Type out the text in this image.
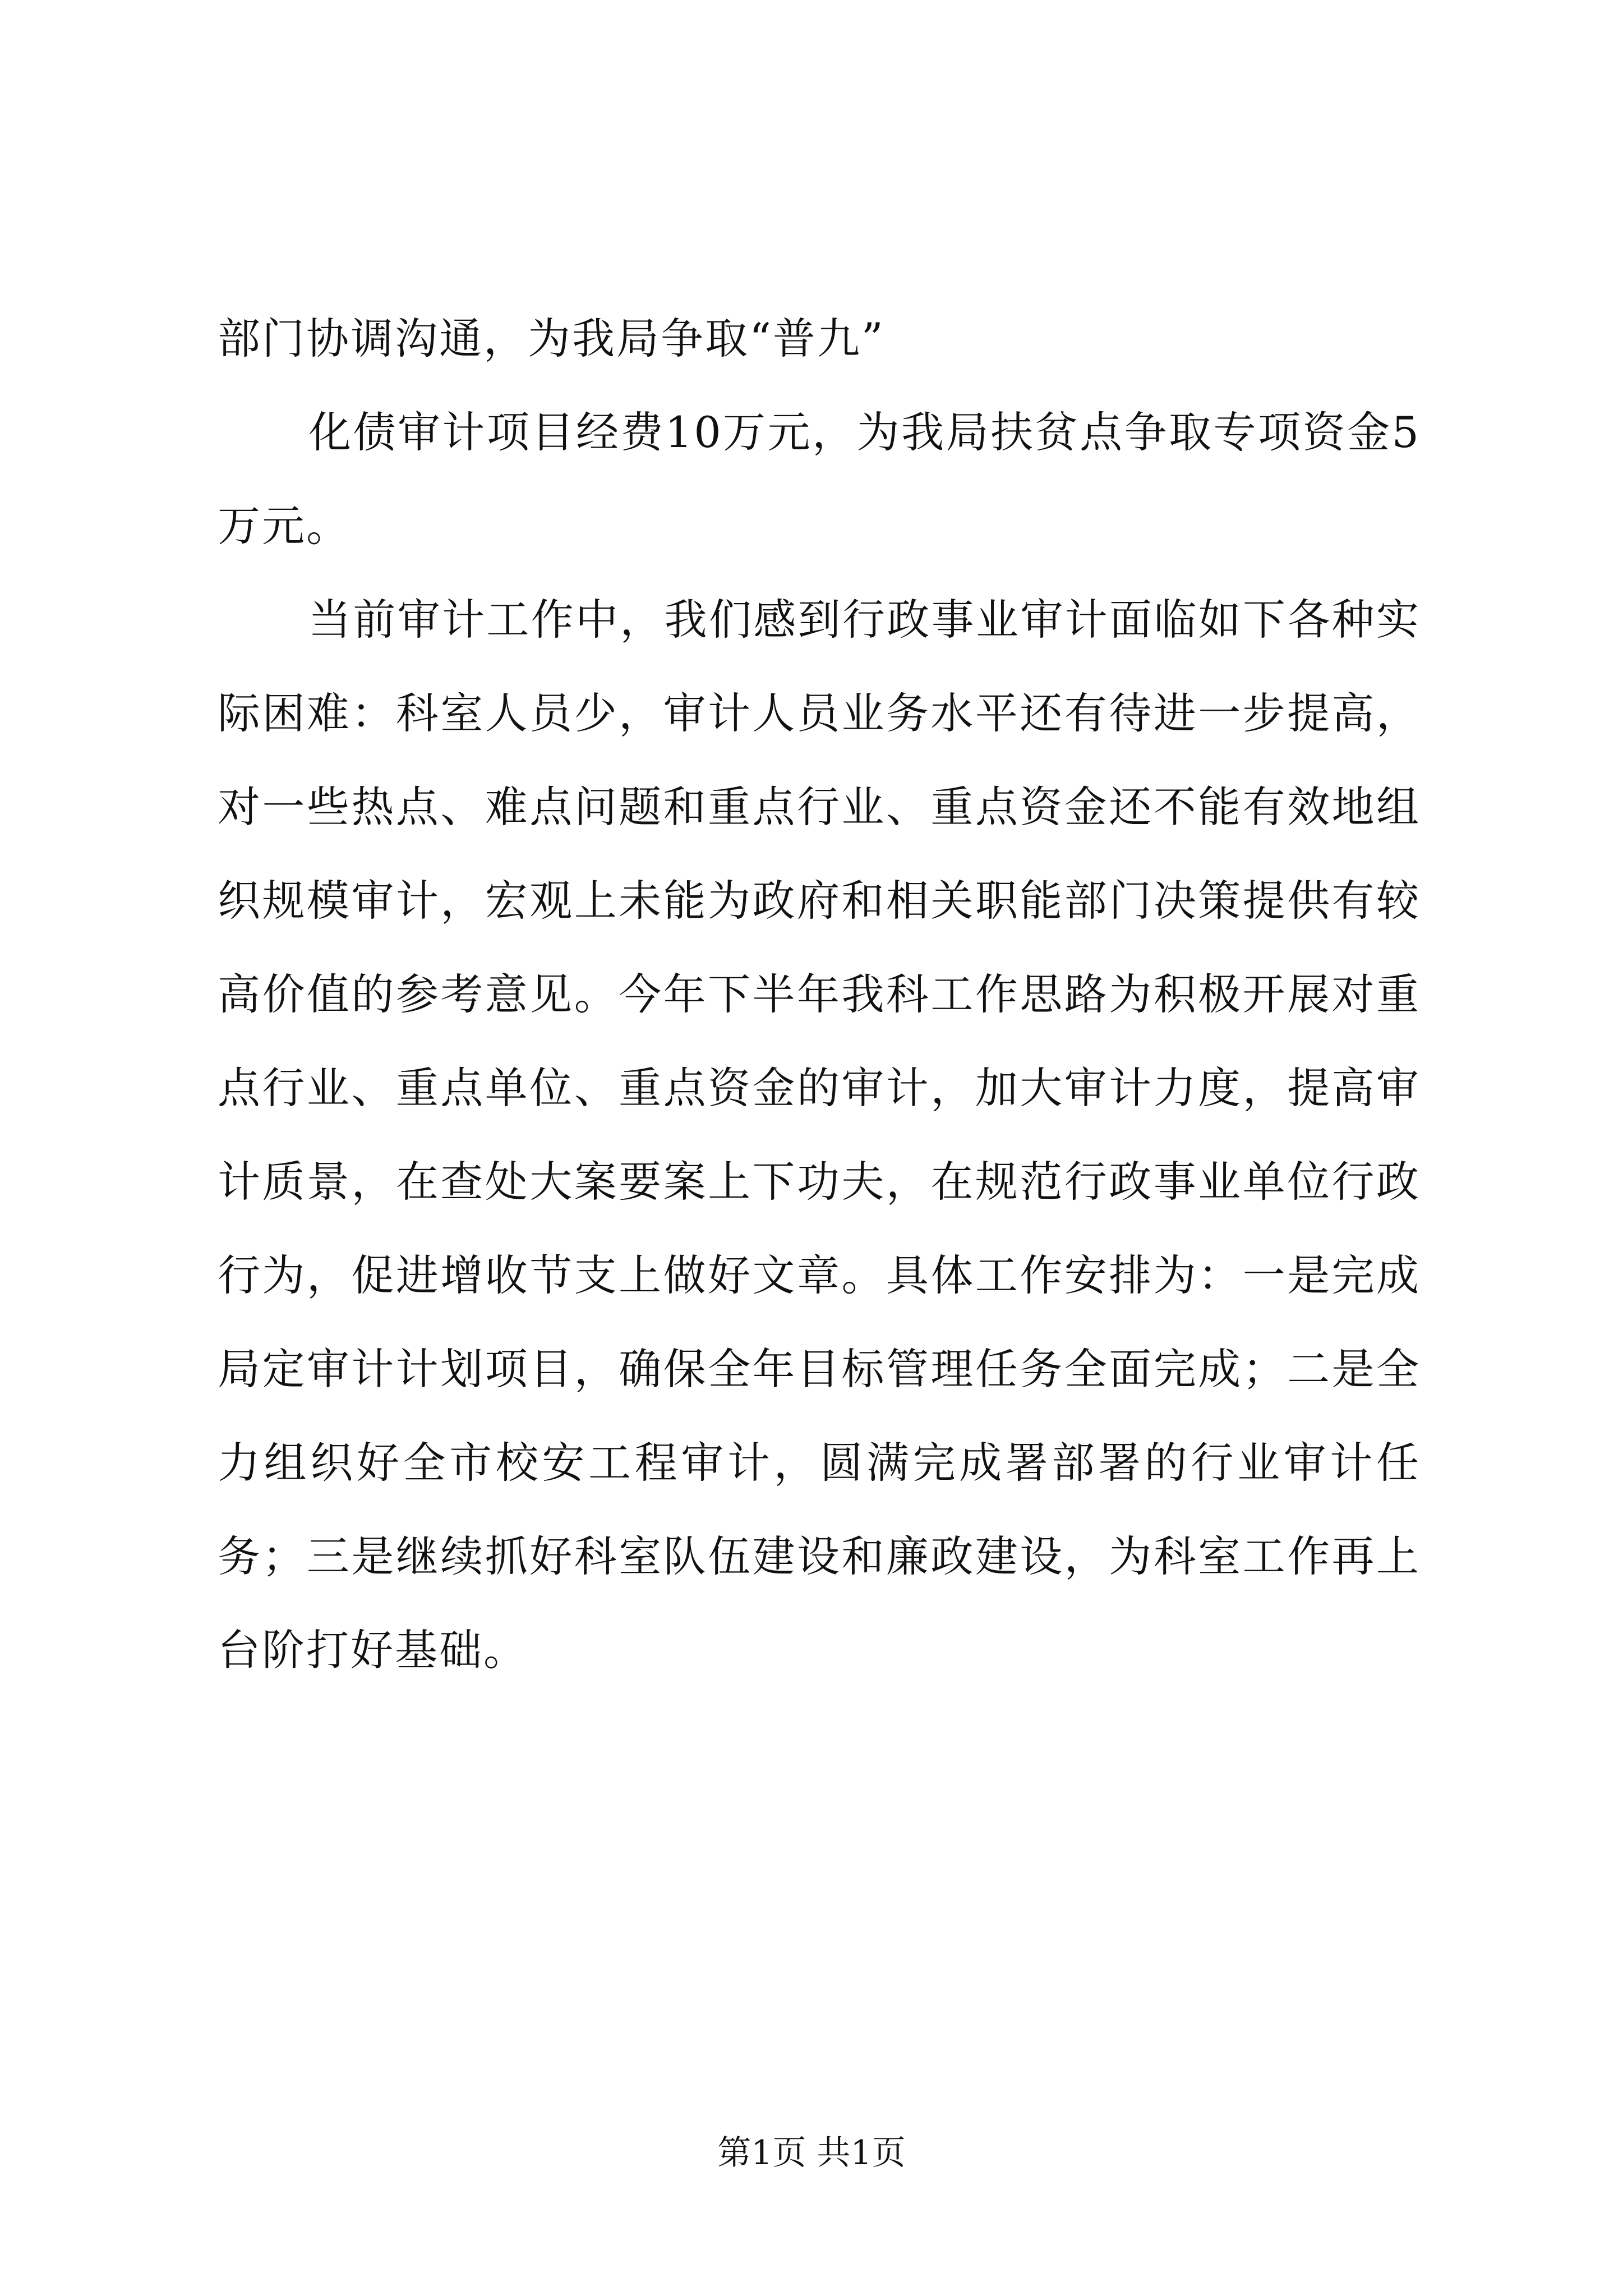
部门协调沟通，为我局争取“普九”

化债审计项目经费10万元，为我局扶贫点争取专项资金5万元。

当前审计工作中，我们感到行政事业审计面临如下各种实际困难：科室人员少，审计人员业务水平还有待进一步提高，对一些热点、难点问题和重点行业、重点资金还不能有效地组织规模审计，宏观上未能为政府和相关职能部门决策提供有较高价值的参考意见。今年下半年我科工作思路为积极开展对重点行业、重点单位、重点资金的审计，加大审计力度，提高审计质景，在查处大案要案上下功夫，在规范行政事业单位行政行为，促进增收节支上做好文章。具体工作安排为：一是完成局定审计计划项目，确保全年目标管理任务全面完成；二是全力组织好全市校安工程审计，圆满完成署部署的行业审计任务；三是继续抓好科室队伍建设和廉政建设，为科室工作再上台阶打好基础。

第1页 共1页
